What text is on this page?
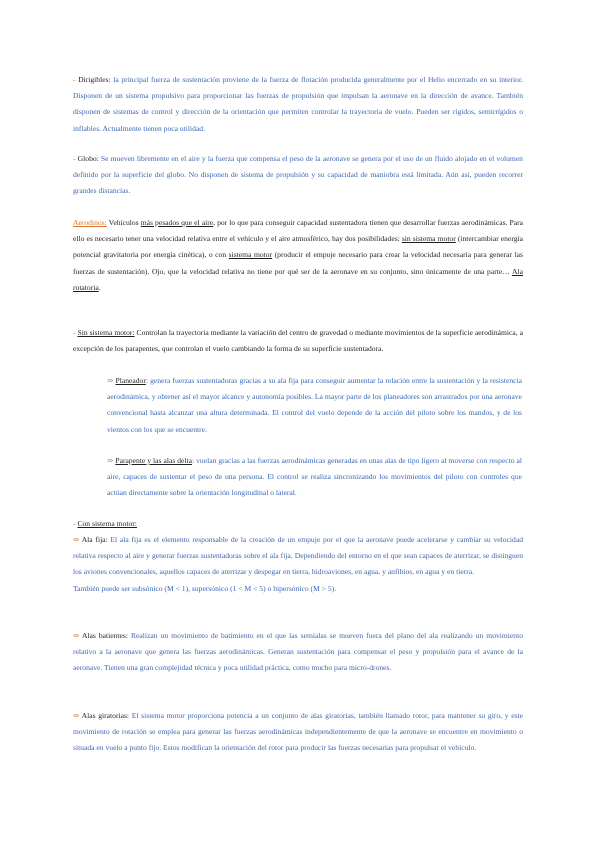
- Dirigibles: la principal fuerza de sustentación proviene de la fuerza de flotación producida generalmente por el Helio encerrado en su interior. Disponen de un sistema propulsivo para proporcionar las fuerzas de propulsión que impulsan la aeronave en la dirección de avance. También disponen de sistemas de control y dirección de la orientación que permiten controlar la trayectoria de vuelo. Pueden ser rígidos, semirrígidos o inflables. Actualmente tienen poca utilidad.

- Globo: Se mueven libremente en el aire y la fuerza que compensa el peso de la aeronave se genera por el uso de un fluido alojado en el volumen definido por la superficie del globo. No disponen de sistema de propulsión y su capacidad de maniobra está limitada. Aún así, pueden recorrer grandes distancias.

Aerodinos: Vehículos más pesados que el aire, por lo que para conseguir capacidad sustentadora tienen que desarrollar fuerzas aerodinámicas. Para ello es necesario tener una velocidad relativa entre el vehículo y el aire atmosférico, hay dos posibilidades: sin sistema motor (intercambiar energía potencial gravitatoria por energía cinética), o con sistema motor (producir el empuje necesario para crear la velocidad necesaria para generar las fuerzas de sustentación). Ojo, que la velocidad relativa no tiene por qué ser de la aeronave en su conjunto, sino únicamente de una parte… Ala rotatoria.

- Sin sistema motor: Controlan la trayectoria mediante la variación del centro de gravedad o mediante movimientos de la superficie aerodinámica, a excepción de los parapentes, que controlan el vuelo cambiando la forma de su superficie sustentadora.

⇒ Planeador: genera fuerzas sustentadoras gracias a su ala fija para conseguir aumentar la relación entre la sustentación y la resistencia aerodinámica, y obtener así el mayor alcance y autonomía posibles. La mayor parte de los planeadores son arrastrados por una aeronave convencional hasta alcanzar una altura determinada. El control del vuelo depende de la acción del piloto sobre los mandos, y de los vientos con los que se encuentre.

⇒ Parapente y las alas delta: vuelan gracias a las fuerzas aerodinámicas generadas en unas alas de tipo ligero al moverse con respecto al aire, capaces de sustentar el peso de una persona. El control se realiza sincronizando los movimientos del piloto con controles que actúan directamente sobre la orientación longitudinal o lateral.

- Con sistema motor:

⇒ Ala fija: El ala fija es el elemento responsable de la creación de un empuje por el que la aeronave puede acelerarse y cambiar su velocidad relativa respecto al aire y generar fuerzas sustentadoras sobre el ala fija. Dependiendo del entorno en el que sean capaces de aterrizar, se distinguen los aviones convencionales, aquellos capaces de aterrizar y despegar en tierra, hidroaviones, en agua, y anfibios, en agua y en tierra.
También puede ser subsónico (M < 1), supersónico (1 < M < 5) o hipersónico (M > 5).

⇒ Alas batientes: Realizan un movimiento de batimiento en el que las semialas se mueven fuera del plano del ala realizando un movimiento relativo a la aeronave que genera las fuerzas aerodinámicas. Generan sustentación para compensar el peso y propulsión para el avance de la aeronave. Tienen una gran complejidad técnica y poca utilidad práctica, como mucho para micro-drones.

⇒ Alas giratorias: El sistema motor proporciona potencia a un conjunto de alas giratorias, también llamado rotor, para mantener su giro, y este movimiento de rotación se emplea para generar las fuerzas aerodinámicas independientemente de que la aeronave se encuentre en movimiento o situada en vuelo a punto fijo. Estos modifican la orientación del rotor para producir las fuerzas necesarias para propulsar el vehículo.
